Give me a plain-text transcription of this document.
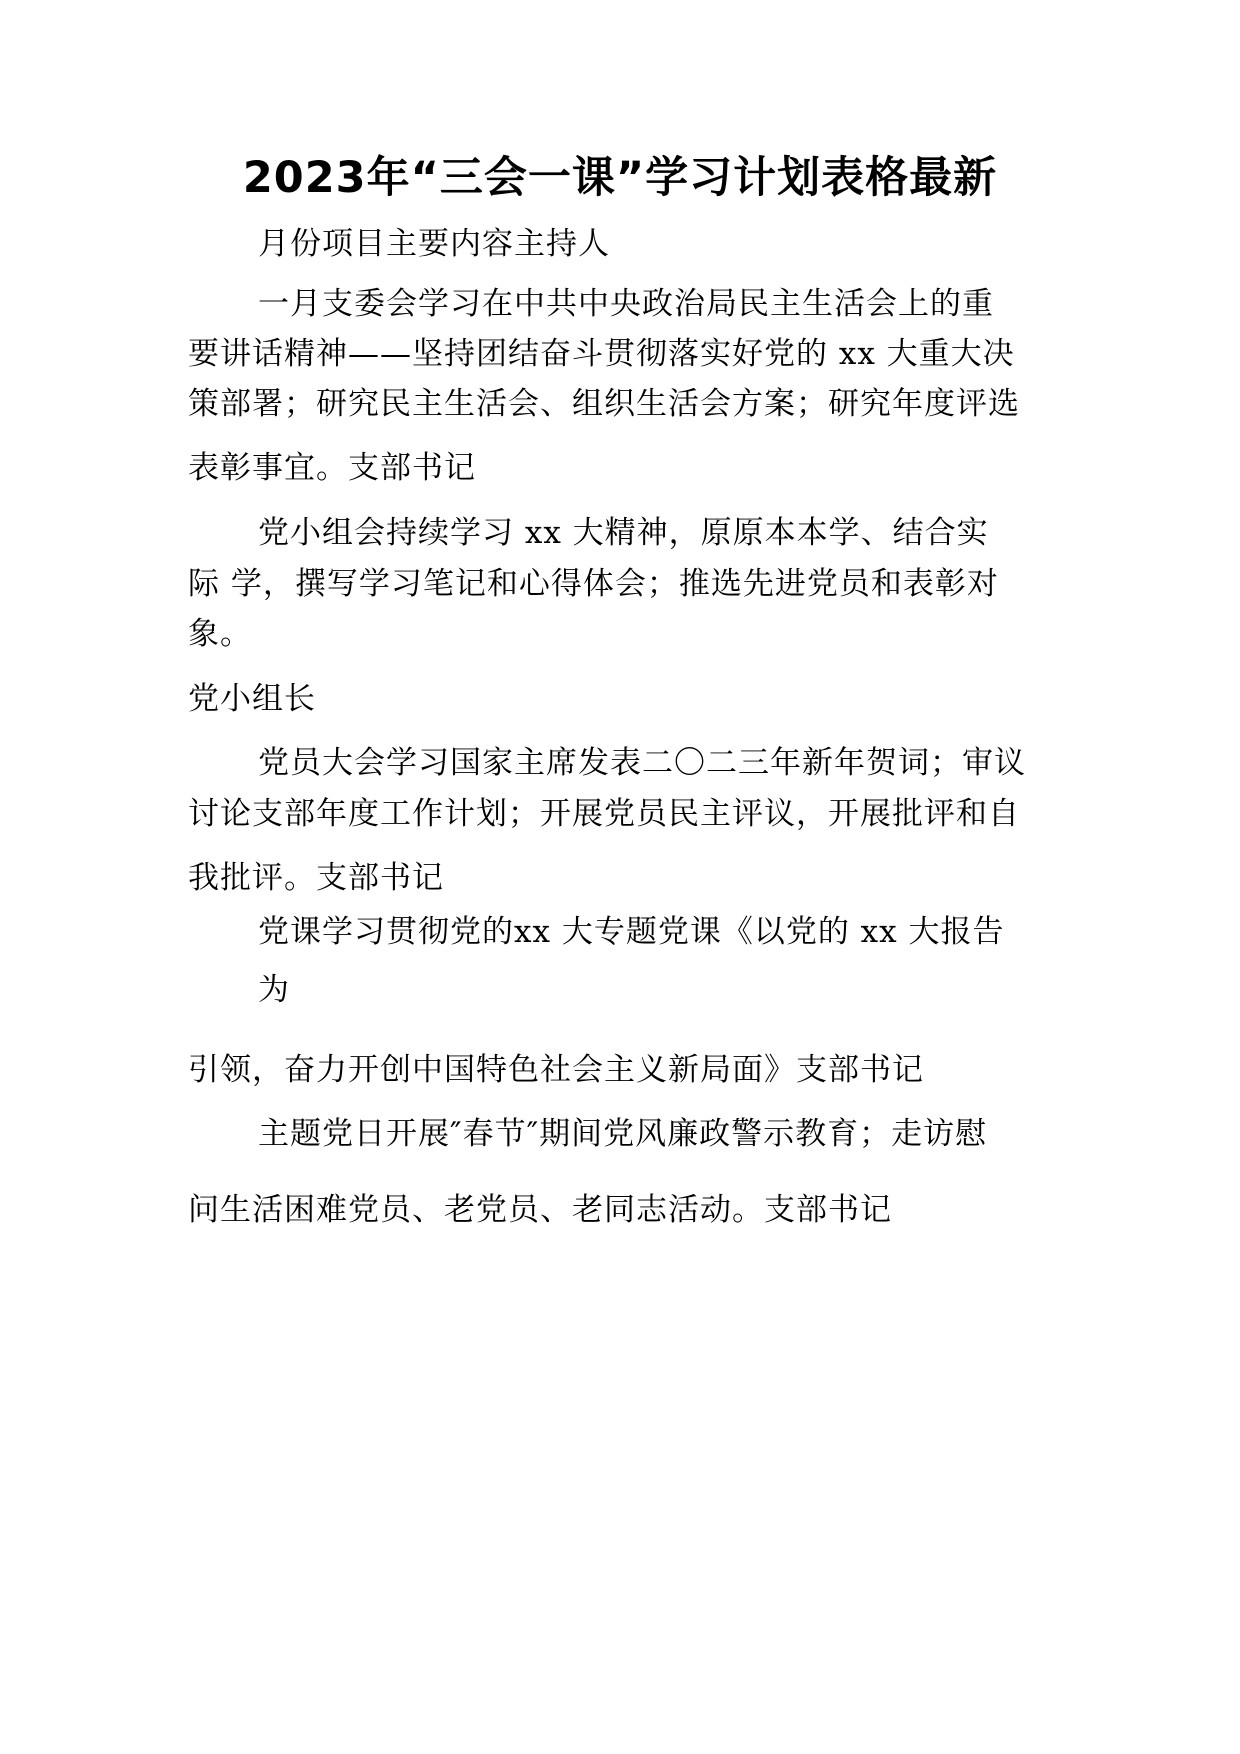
2023年“三会一课”学习计划表格最新
月份项目主要内容主持人
一月支委会学习在中共中央政治局民主生活会上的重
要讲话精神——坚持团结奋斗贯彻落实好党的 xx 大重大决
策部署；研究民主生活会、组织生活会方案；研究年度评选
表彰事宜。支部书记
党小组会持续学习 xx 大精神，原原本本学、结合实
际 学，撰写学习笔记和心得体会；推选先进党员和表彰对
象。
党小组长
党员大会学习国家主席发表二〇二三年新年贺词；审议
讨论支部年度工作计划；开展党员民主评议，开展批评和自
我批评。支部书记
党课学习贯彻党的xx 大专题党课《以党的 xx 大报告
为
引领，奋力开创中国特色社会主义新局面》支部书记
主题党日开展″春节″期间党风廉政警示教育；走访慰
问生活困难党员、老党员、老同志活动。支部书记
